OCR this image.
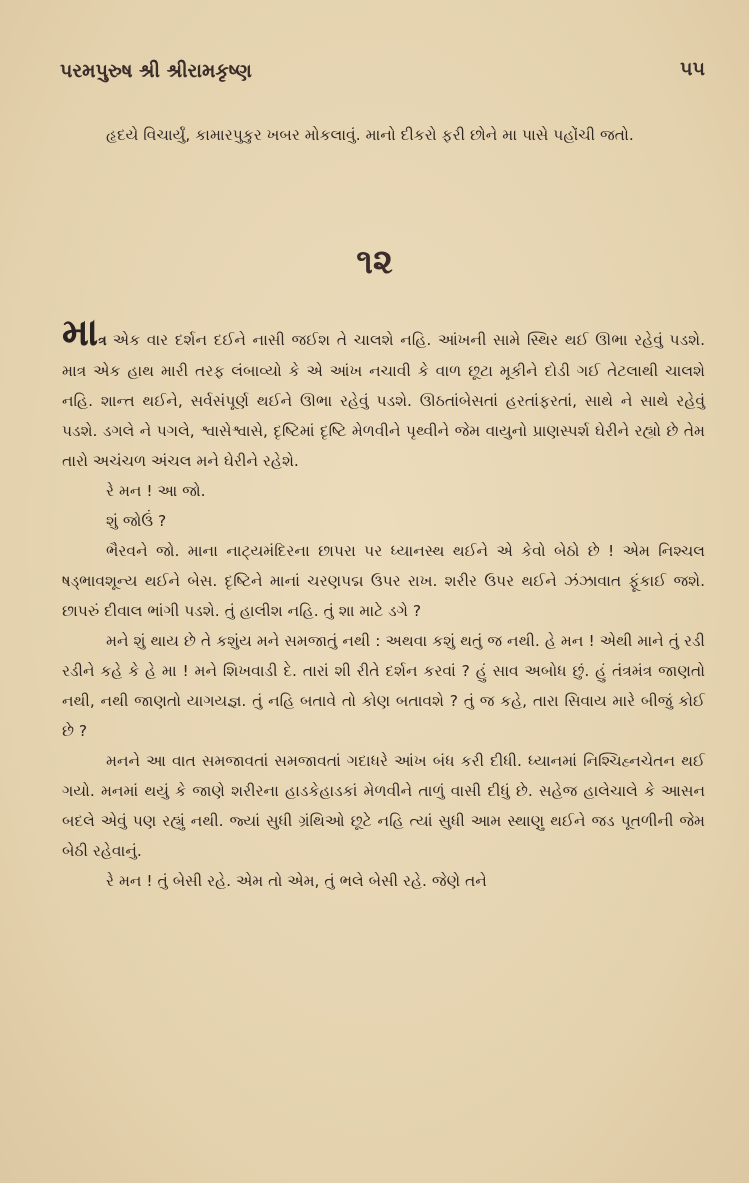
પરમપુરુષ શ્રી શ્રીરામકૃષ્ણ	૫૫

હૃદયે વિચાર્યું, કામારપુકુર ખબર મોકલાવું. માનો દીકરો ફરી છોને મા પાસે પહોંચી જતો.

૧૨

માત્ર એક વાર દર્શન દઈને નાસી જઈશ તે ચાલશે નહિ. આંખની સામે સ્થિર થઈ ઊભા રહેવું પડશે. માત્ર એક હાથ મારી તરફ લંબાવ્યો કે એ આંખ નચાવી કે વાળ છૂટા મૂકીને દોડી ગઈ તેટલાથી ચાલશે નહિ. શાન્ત થઈને, સર્વસંપૂર્ણ થઈને ઊભા રહેવું પડશે. ઊઠતાંબેસતાં હરતાંફરતાં, સાથે ને સાથે રહેવું પડશે. ડગલે ને પગલે, શ્વાસેશ્વાસે, દૃષ્ટિમાં દૃષ્ટિ મેળવીને પૃથ્વીને જેમ વાયુનો પ્રાણસ્પર્શ ઘેરીને રહ્યો છે તેમ તારો અચંચળ અંચલ મને ઘેરીને રહેશે.

રે મન ! આ જો.

શું જોઉં ?

ભૈરવને જો. માના નાટ્યમંદિરના છાપરા પર ધ્યાનસ્થ થઈને એ કેવો બેઠો છે ! એમ નિશ્ચલ ષડ્ભાવશૂન્ય થઈને બેસ. દૃષ્ટિને માનાં ચરણપદ્મ ઉપર રાખ. શરીર ઉપર થઈને ઝંઝાવાત ફૂંકાઈ જશે. છાપરું દીવાલ ભાંગી પડશે. તું હાલીશ નહિ. તું શા માટે ડગે ?

મને શું થાય છે તે કશુંય મને સમજાતું નથી : અથવા કશું થતું જ નથી. હે મન ! એથી માને તું રડી રડીને કહે કે હે મા ! મને શિખવાડી દે. તારાં શી રીતે દર્શન કરવાં ? હું સાવ અબોધ છું. હું તંત્રમંત્ર જાણતો નથી, નથી જાણતો યાગયજ્ઞ. તું નહિ બતાવે તો કોણ બતાવશે ? તું જ કહે, તારા સિવાય મારે બીજું કોઈ છે ?

મનને આ વાત સમજાવતાં સમજાવતાં ગદાધરે આંખ બંધ કરી દીધી. ધ્યાનમાં નિશ્ચિહ્નચેતન થઈ ગયો. મનમાં થયું કે જાણે શરીરના હાડકેહાડકાં મેળવીને તાળું વાસી દીધું છે. સહેજ હાલેચાલે કે આસન બદલે એવું પણ રહ્યું નથી. જ્યાં સુધી ગ્રંથિઓ છૂટે નહિ ત્યાં સુધી આમ સ્થાણુ થઈને જડ પૂતળીની જેમ બેઠી રહેવાનું.

રે મન ! તું બેસી રહે. એમ તો એમ, તું ભલે બેસી રહે. જેણે તને
